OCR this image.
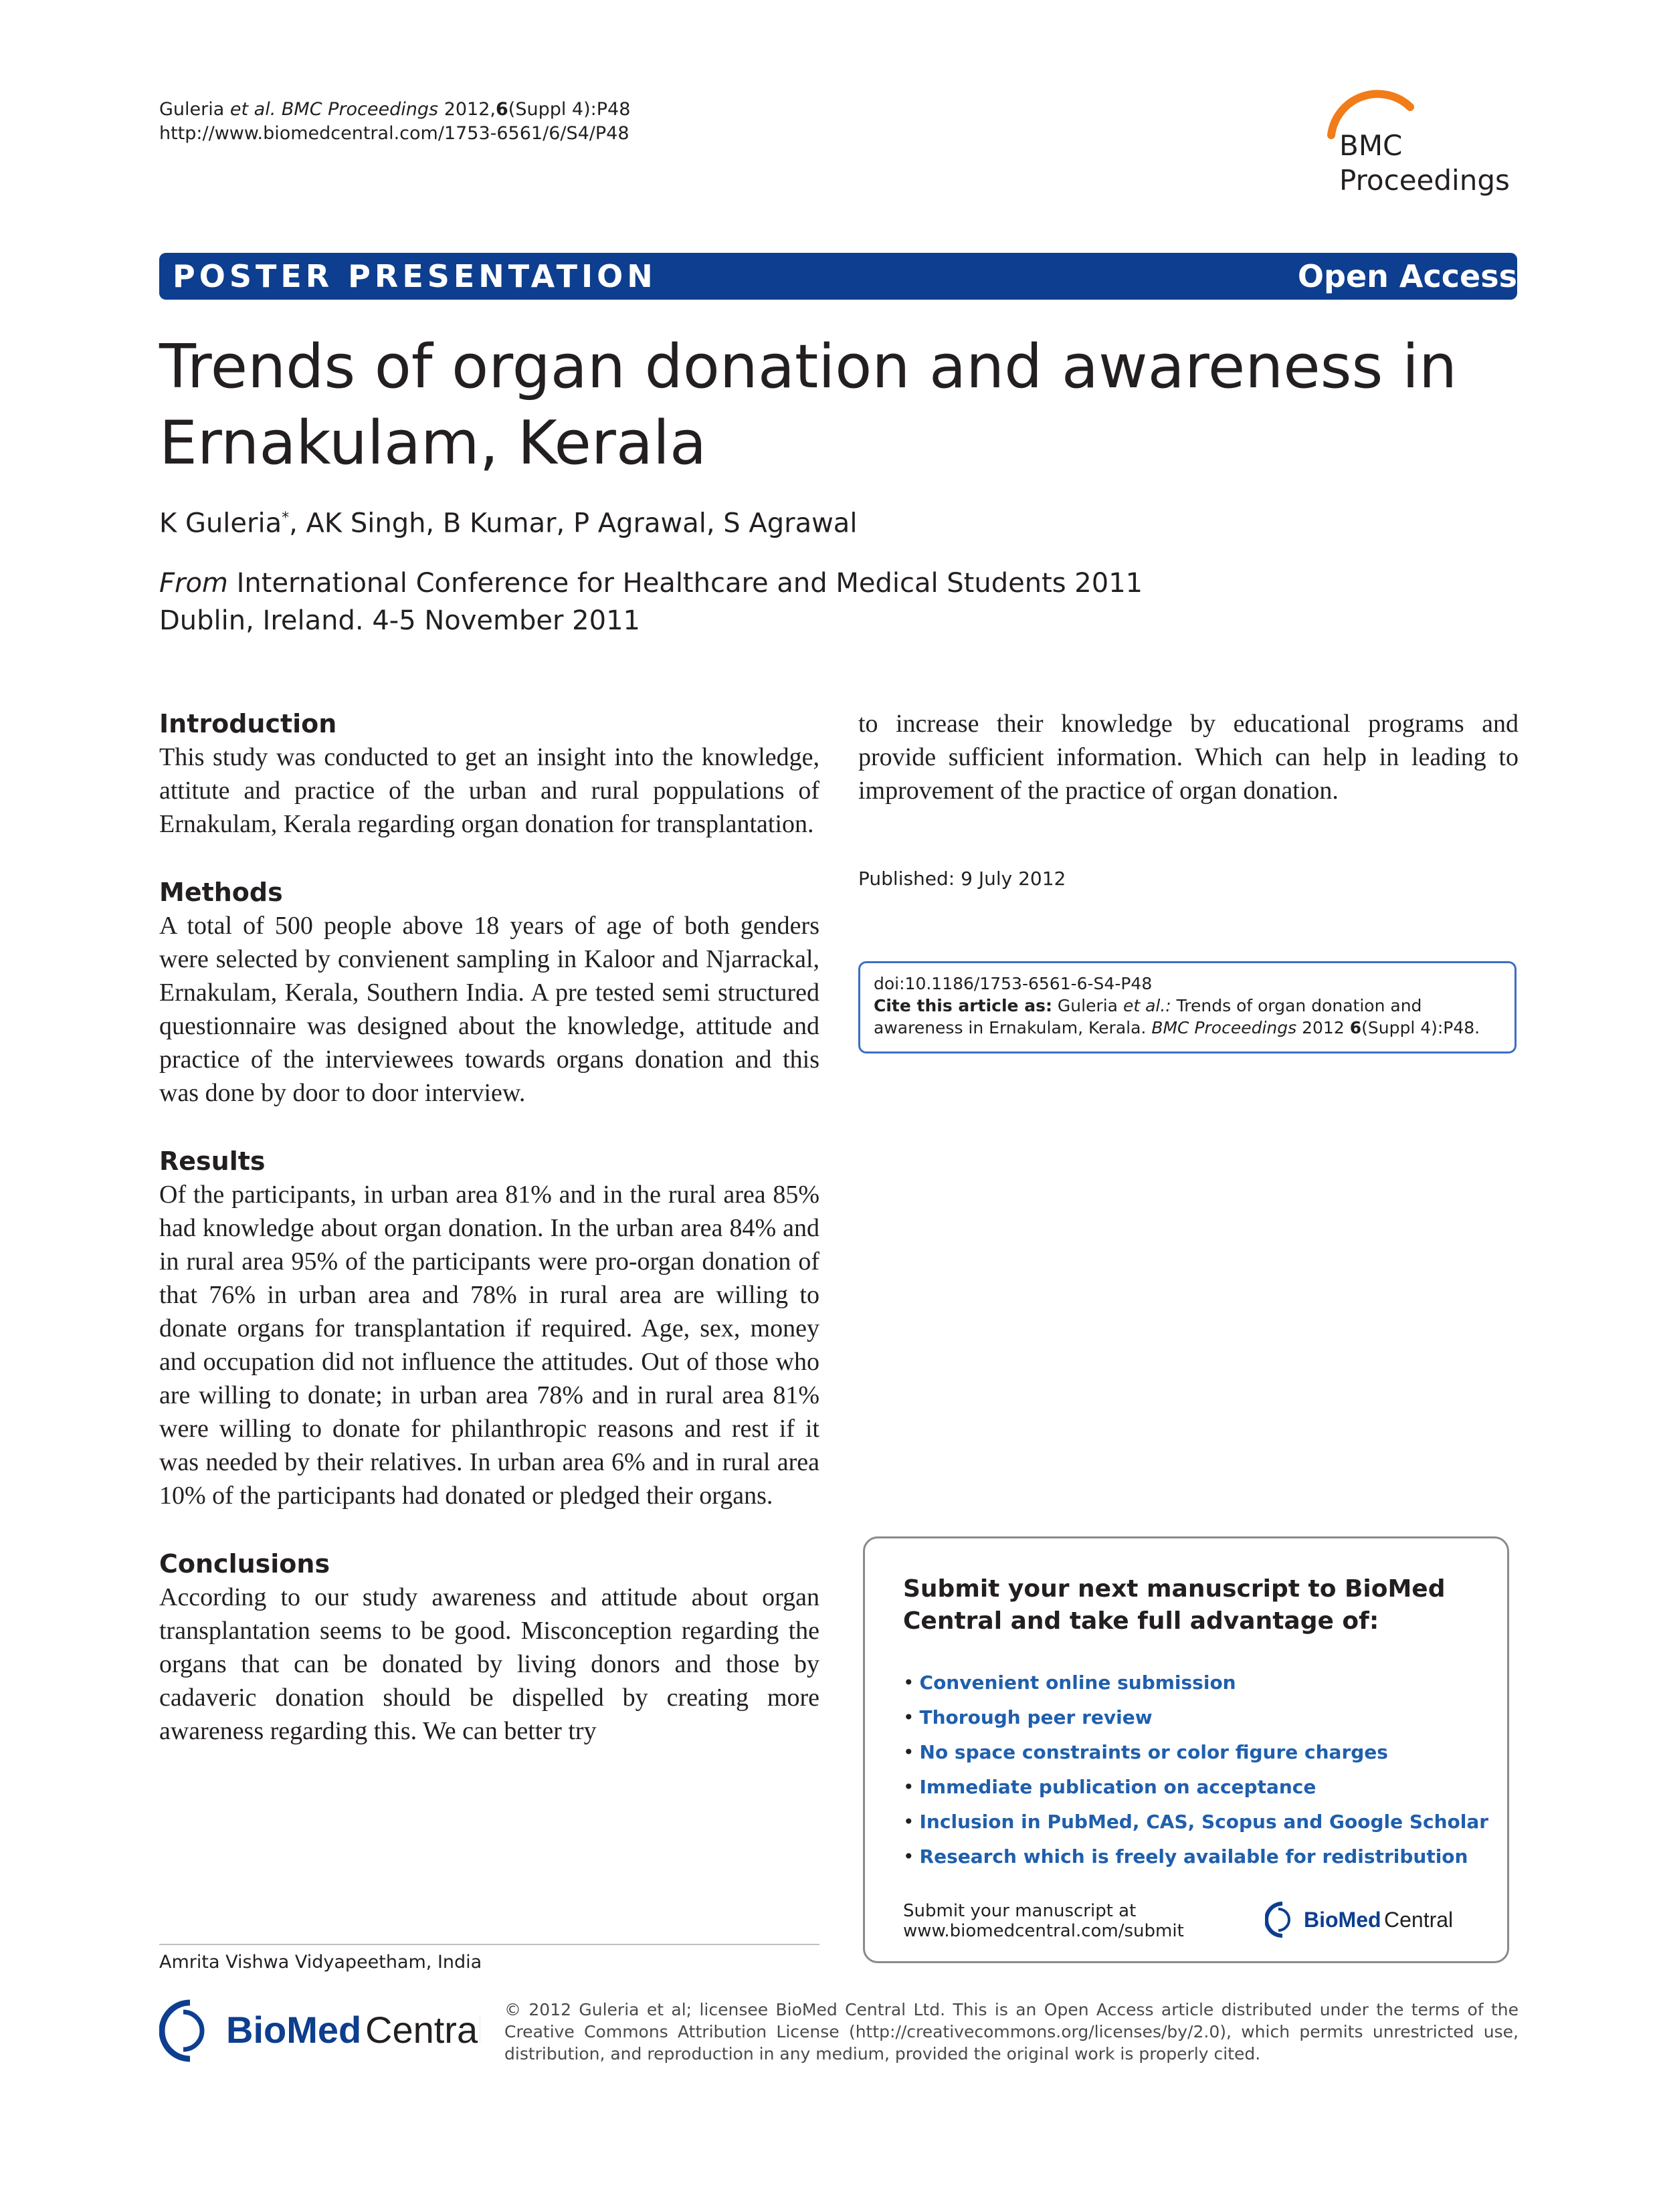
Guleria et al. BMC Proceedings 2012,6(Suppl 4):P48
http://www.biomedcentral.com/1753-6561/6/S4/P48	BMC
Proceedings
POSTER PRESENTATION	Open Access
Trends of organ donation and awareness in Ernakulam, Kerala
K Guleria*, AK Singh, B Kumar, P Agrawal, S Agrawal
From International Conference for Healthcare and Medical Students 2011
Dublin, Ireland. 4-5 November 2011
Introduction
This study was conducted to get an insight into the knowledge, attitute and practice of the urban and rural poppulations of Ernakulam, Kerala regarding organ donation for transplantation.
Methods
A total of 500 people above 18 years of age of both genders were selected by convienent sampling in Kaloor and Njarrackal, Ernakulam, Kerala, Southern India. A pre tested semi structured questionnaire was designed about the knowledge, attitude and practice of the interviewees towards organs donation and this was done by door to door interview.
Results
Of the participants, in urban area 81% and in the rural area 85% had knowledge about organ donation. In the urban area 84% and in rural area 95% of the participants were pro-organ donation of that 76% in urban area and 78% in rural area are willing to donate organs for transplantation if required. Age, sex, money and occupation did not influence the attitudes. Out of those who are willing to donate; in urban area 78% and in rural area 81% were willing to donate for philanthropic reasons and rest if it was needed by their relatives. In urban area 6% and in rural area 10% of the participants had donated or pledged their organs.
Conclusions
According to our study awareness and attitude about organ transplantation seems to be good. Misconception regarding the organs that can be donated by living donors and those by cadaveric donation should be dispelled by creating more awareness regarding this. We can better try
to increase their knowledge by educational programs and provide sufficient information. Which can help in leading to improvement of the practice of organ donation.
Published: 9 July 2012
doi:10.1186/1753-6561-6-S4-P48
Cite this article as: Guleria et al.: Trends of organ donation and awareness in Ernakulam, Kerala. BMC Proceedings 2012 6(Suppl 4):P48.
Submit your next manuscript to BioMed Central and take full advantage of:
• Convenient online submission
• Thorough peer review
• No space constraints or color figure charges
• Immediate publication on acceptance
• Inclusion in PubMed, CAS, Scopus and Google Scholar
• Research which is freely available for redistribution
Submit your manuscript at
www.biomedcentral.com/submit	BioMed Central
Amrita Vishwa Vidyapeetham, India
BioMed Central © 2012 Guleria et al; licensee BioMed Central Ltd. This is an Open Access article distributed under the terms of the Creative Commons Attribution License (http://creativecommons.org/licenses/by/2.0), which permits unrestricted use, distribution, and reproduction in any medium, provided the original work is properly cited.
